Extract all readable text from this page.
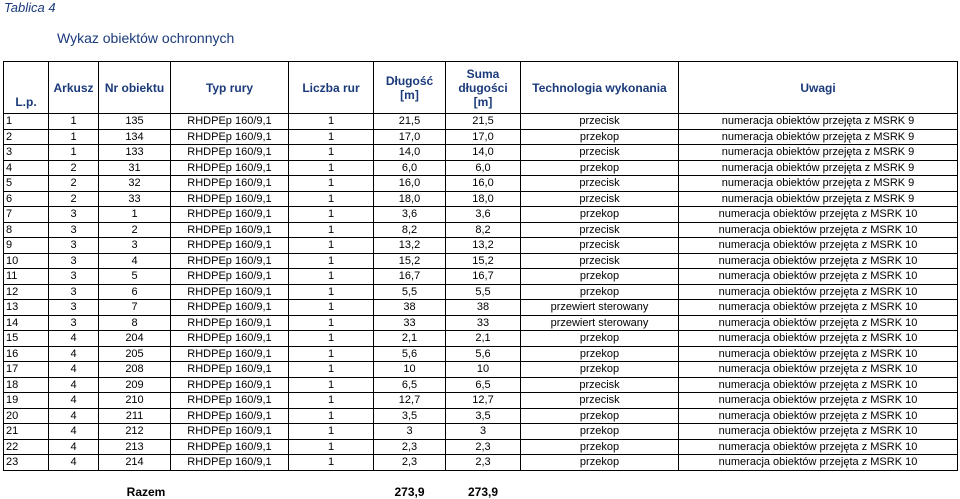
Tablica 4
Wykaz obiektów ochronnych
L.p.	Arkusz	Nr obiektu	Typ rury	Liczba rur	Długość [m]	Suma długości [m]	Technologia wykonania	Uwagi
1	1	135	RHDPEp 160/9,1	1	21,5	21,5	przecisk	numeracja obiektów przejęta z MSRK 9
2	1	134	RHDPEp 160/9,1	1	17,0	17,0	przekop	numeracja obiektów przejęta z MSRK 9
3	1	133	RHDPEp 160/9,1	1	14,0	14,0	przecisk	numeracja obiektów przejęta z MSRK 9
4	2	31	RHDPEp 160/9,1	1	6,0	6,0	przekop	numeracja obiektów przejęta z MSRK 9
5	2	32	RHDPEp 160/9,1	1	16,0	16,0	przecisk	numeracja obiektów przejęta z MSRK 9
6	2	33	RHDPEp 160/9,1	1	18,0	18,0	przecisk	numeracja obiektów przejęta z MSRK 9
7	3	1	RHDPEp 160/9,1	1	3,6	3,6	przekop	numeracja obiektów przejęta z MSRK 10
8	3	2	RHDPEp 160/9,1	1	8,2	8,2	przecisk	numeracja obiektów przejęta z MSRK 10
9	3	3	RHDPEp 160/9,1	1	13,2	13,2	przecisk	numeracja obiektów przejęta z MSRK 10
10	3	4	RHDPEp 160/9,1	1	15,2	15,2	przecisk	numeracja obiektów przejęta z MSRK 10
11	3	5	RHDPEp 160/9,1	1	16,7	16,7	przekop	numeracja obiektów przejęta z MSRK 10
12	3	6	RHDPEp 160/9,1	1	5,5	5,5	przekop	numeracja obiektów przejęta z MSRK 10
13	3	7	RHDPEp 160/9,1	1	38	38	przewiert sterowany	numeracja obiektów przejęta z MSRK 10
14	3	8	RHDPEp 160/9,1	1	33	33	przewiert sterowany	numeracja obiektów przejęta z MSRK 10
15	4	204	RHDPEp 160/9,1	1	2,1	2,1	przekop	numeracja obiektów przejęta z MSRK 10
16	4	205	RHDPEp 160/9,1	1	5,6	5,6	przekop	numeracja obiektów przejęta z MSRK 10
17	4	208	RHDPEp 160/9,1	1	10	10	przekop	numeracja obiektów przejęta z MSRK 10
18	4	209	RHDPEp 160/9,1	1	6,5	6,5	przecisk	numeracja obiektów przejęta z MSRK 10
19	4	210	RHDPEp 160/9,1	1	12,7	12,7	przecisk	numeracja obiektów przejęta z MSRK 10
20	4	211	RHDPEp 160/9,1	1	3,5	3,5	przekop	numeracja obiektów przejęta z MSRK 10
21	4	212	RHDPEp 160/9,1	1	3	3	przekop	numeracja obiektów przejęta z MSRK 10
22	4	213	RHDPEp 160/9,1	1	2,3	2,3	przekop	numeracja obiektów przejęta z MSRK 10
23	4	214	RHDPEp 160/9,1	1	2,3	2,3	przekop	numeracja obiektów przejęta z MSRK 10
Razem					273,9	273,9		
